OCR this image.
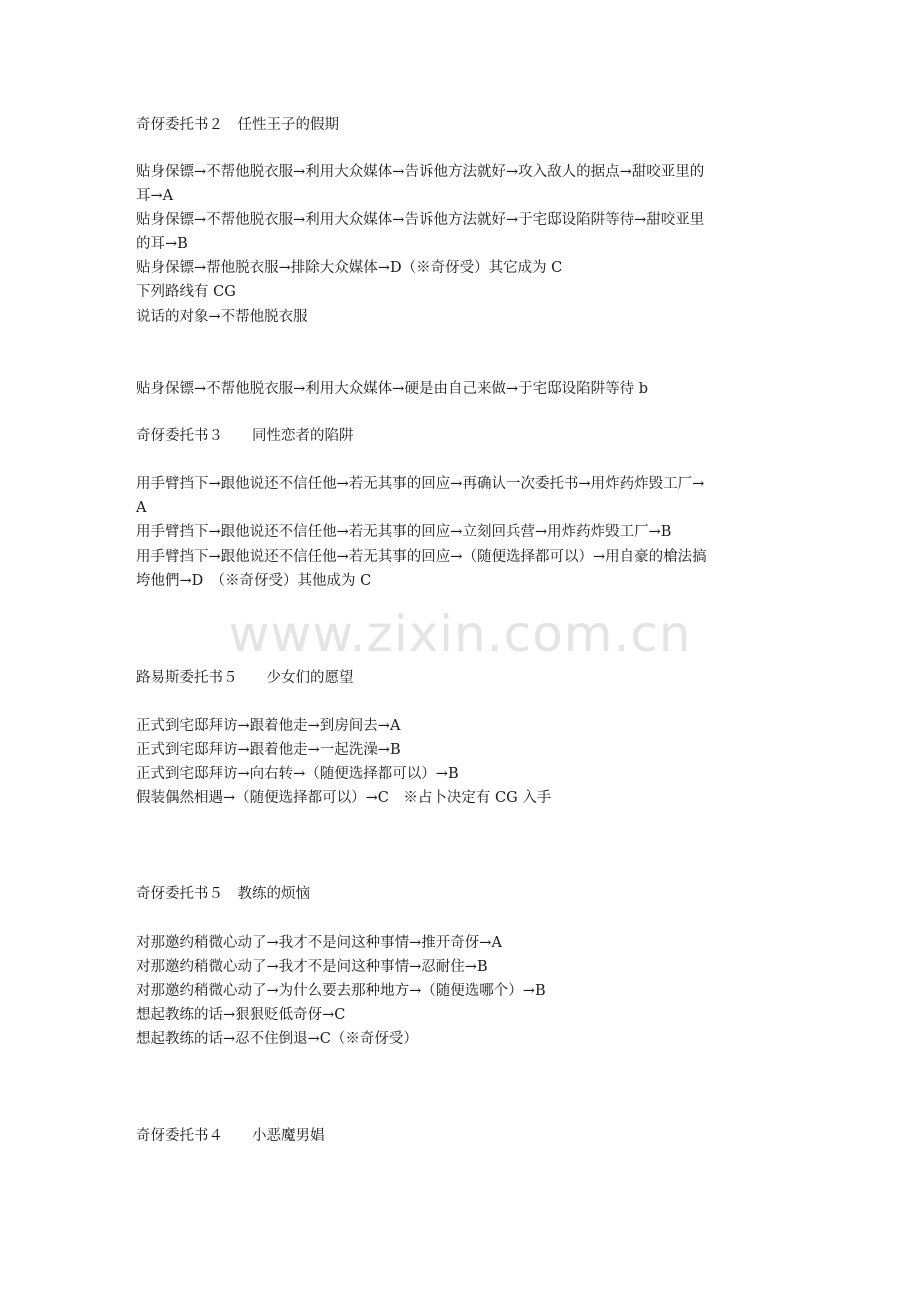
www.zixin.com.cn

奇伢委托书２　任性王子的假期

贴身保镖→不帮他脱衣服→利用大众媒体→告诉他方法就好→攻入敌人的据点→甜咬亚里的

耳→A

贴身保镖→不帮他脱衣服→利用大众媒体→告诉他方法就好→于宅邸设陷阱等待→甜咬亚里

的耳→B

贴身保镖→帮他脱衣服→排除大众媒体→D（※奇伢受）其它成为 C

下列路线有 CG

说话的对象→不帮他脱衣服

贴身保镖→不帮他脱衣服→利用大众媒体→硬是由自己来做→于宅邸设陷阱等待 b

奇伢委托书３　　同性恋者的陷阱

用手臂挡下→跟他说还不信任他→若无其事的回应→再确认一次委托书→用炸药炸毁工厂→

A

用手臂挡下→跟他说还不信任他→若无其事的回应→立刻回兵营→用炸药炸毁工厂→B

用手臂挡下→跟他说还不信任他→若无其事的回应→（随便选择都可以）→用自豪的槍法搞

垮他們→D　（※奇伢受）其他成为 C

路易斯委托书５　　少女们的愿望

正式到宅邸拜访→跟着他走→到房间去→A

正式到宅邸拜访→跟着他走→一起洗澡→B

正式到宅邸拜访→向右转→（随便选择都可以）→B

假装偶然相遇→（随便选择都可以）→C　※占卜决定有 CG 入手

奇伢委托书５　教练的烦恼

对那邀约稍微心动了→我才不是问这种事情→推开奇伢→A

对那邀约稍微心动了→我才不是问这种事情→忍耐住→B

对那邀约稍微心动了→为什么要去那种地方→（随便选哪个）→B

想起教练的话→狠狠贬低奇伢→C

想起教练的话→忍不住倒退→C（※奇伢受）

奇伢委托书４　　小恶魔男娼
